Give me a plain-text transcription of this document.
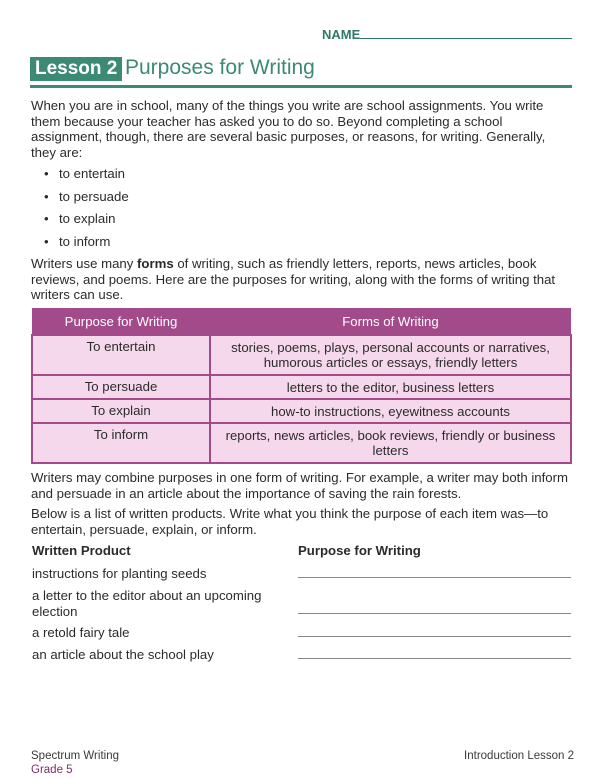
NAME
Lesson 2 Purposes for Writing

When you are in school, many of the things you write are school assignments. You write them because your teacher has asked you to do so. Beyond completing a school assignment, though, there are several basic purposes, or reasons, for writing. Generally, they are:

• to entertain
• to persuade
• to explain
• to inform

Writers use many forms of writing, such as friendly letters, reports, news articles, book reviews, and poems. Here are the purposes for writing, along with the forms of writing that writers can use.

Purpose for Writing	Forms of Writing
To entertain	stories, poems, plays, personal accounts or narratives, humorous articles or essays, friendly letters
To persuade	letters to the editor, business letters
To explain	how-to instructions, eyewitness accounts
To inform	reports, news articles, book reviews, friendly or business letters

Writers may combine purposes in one form of writing. For example, a writer may both inform and persuade in an article about the importance of saving the rain forests.

Below is a list of written products. Write what you think the purpose of each item was—to entertain, persuade, explain, or inform.

Written Product	Purpose for Writing
instructions for planting seeds
a letter to the editor about an upcoming election
a retold fairy tale
an article about the school play
Spectrum Writing
Grade 5
Introduction Lesson 2
